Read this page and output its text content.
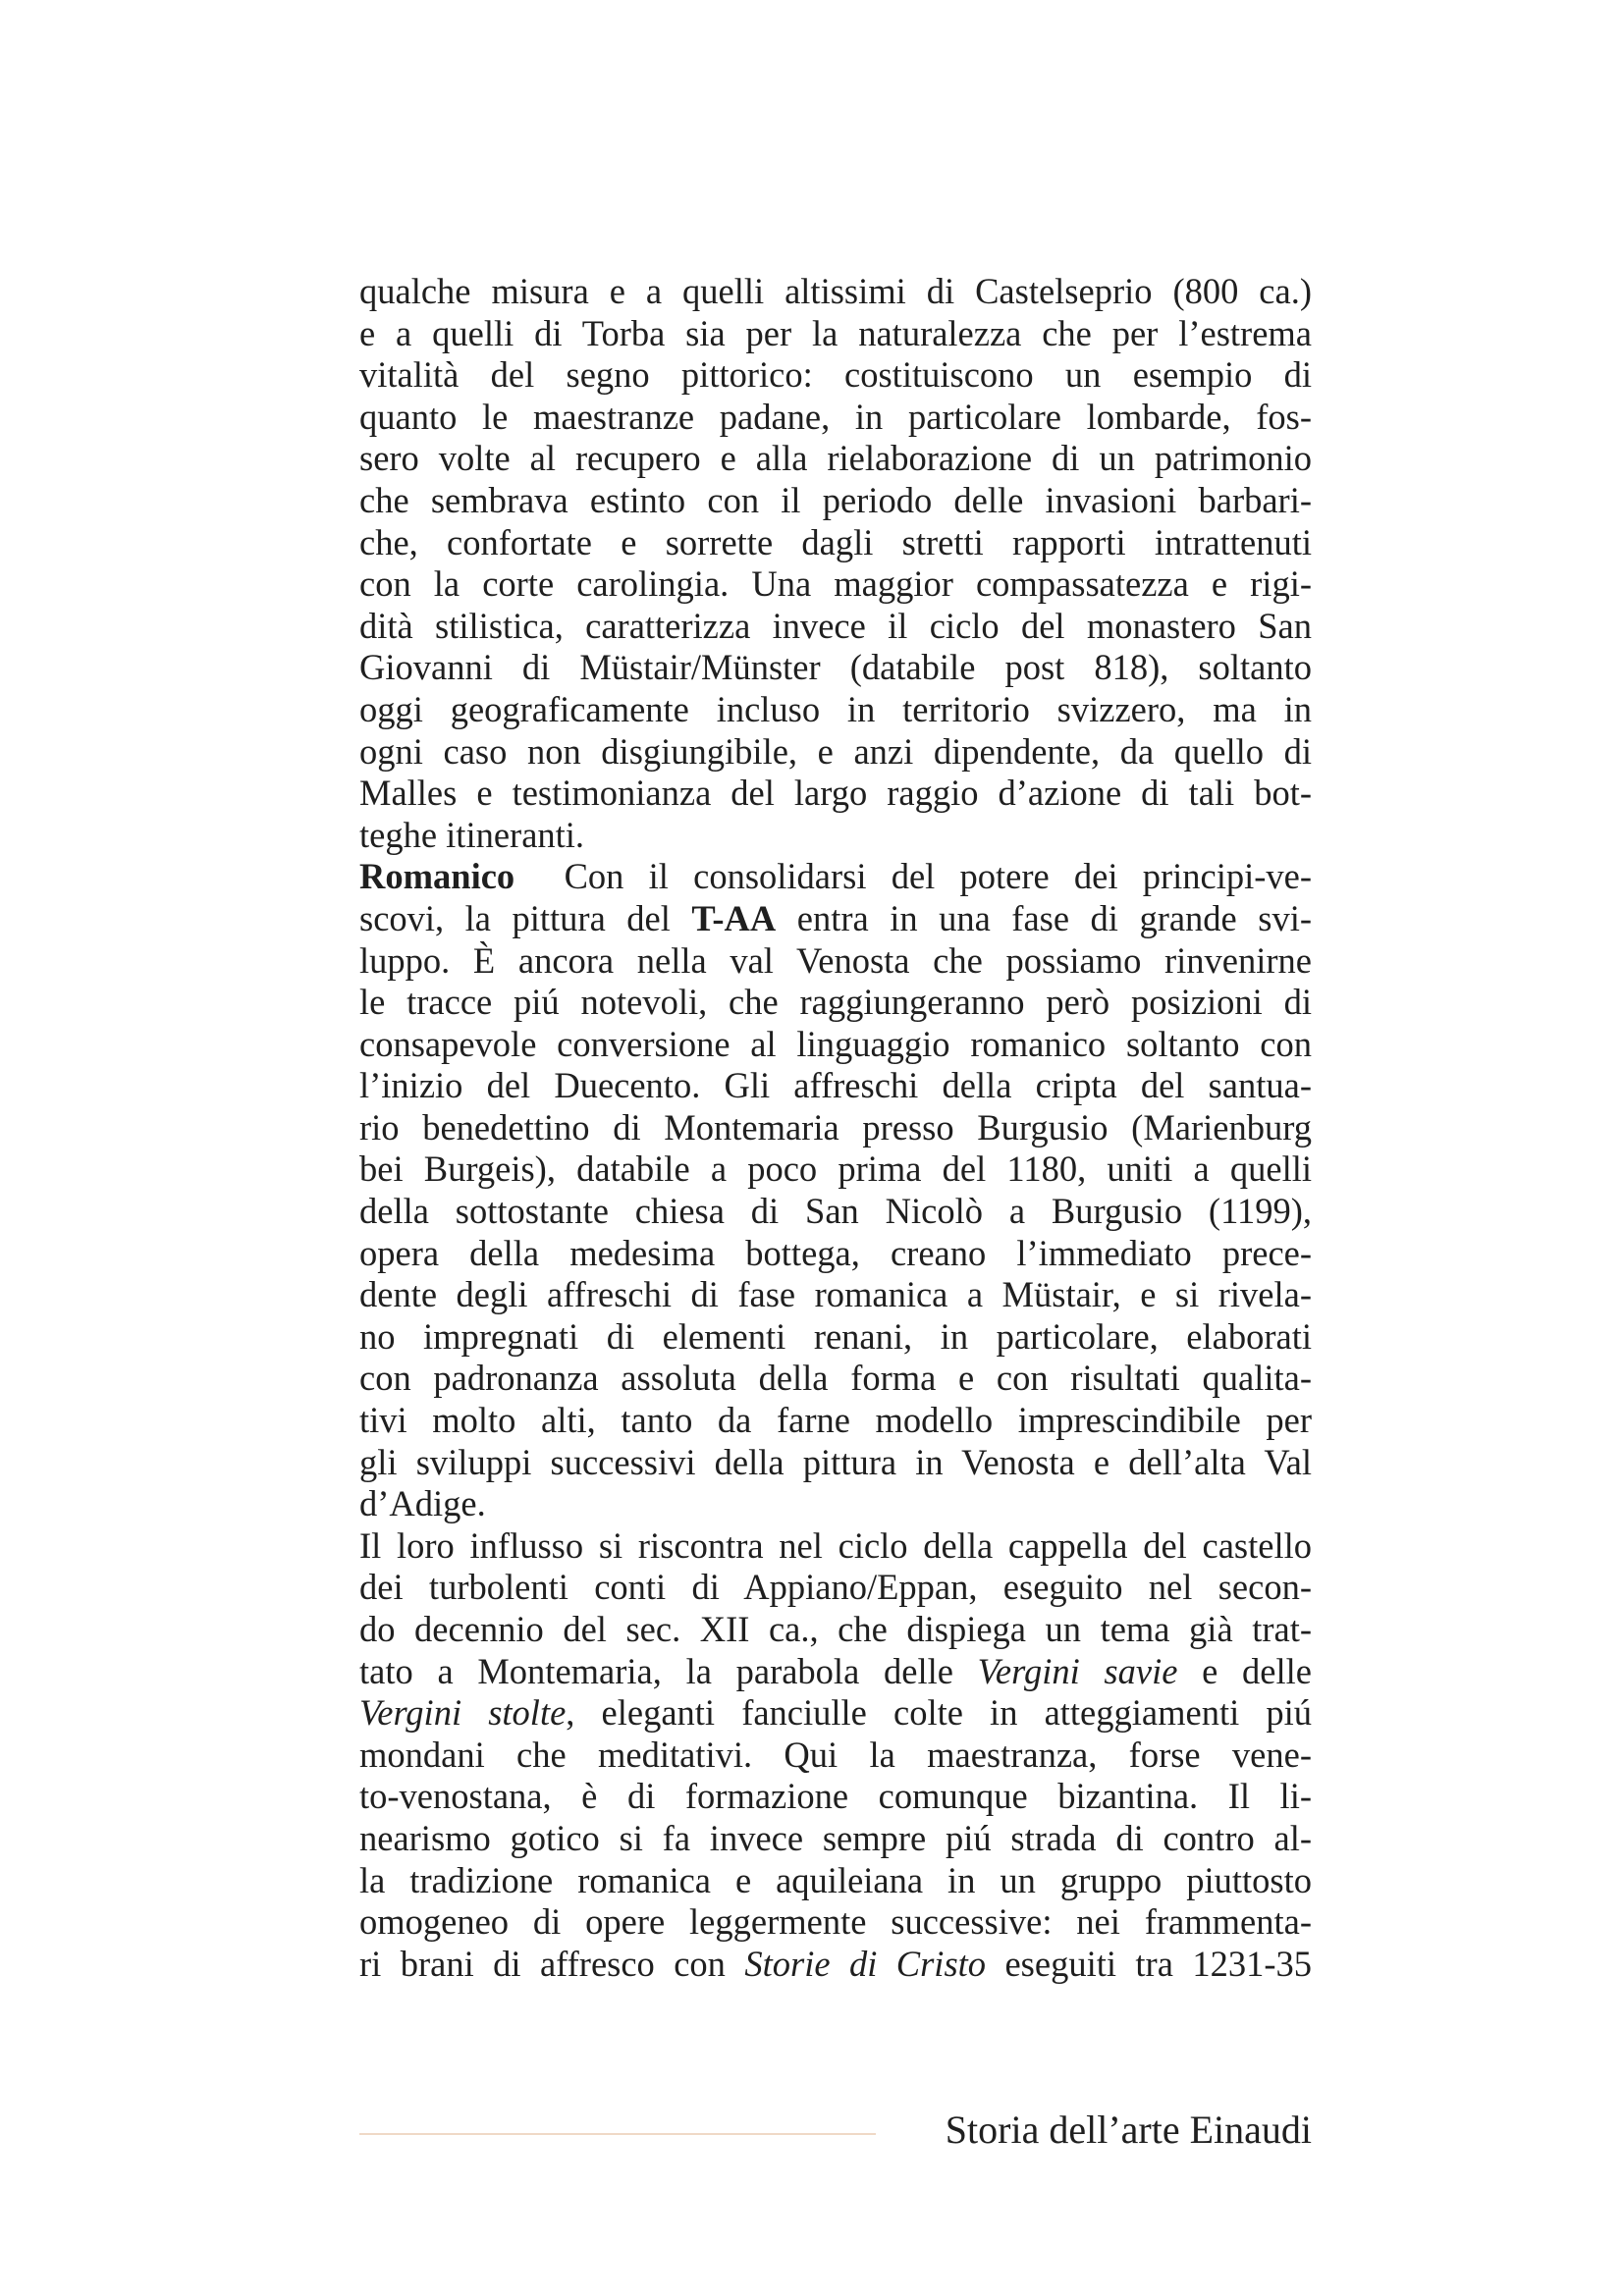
qualche misura e a quelli altissimi di Castelseprio (800 ca.)
e a quelli di Torba sia per la naturalezza che per l’estrema
vitalità del segno pittorico: costituiscono un esempio di
quanto le maestranze padane, in particolare lombarde, fos-
sero volte al recupero e alla rielaborazione di un patrimonio
che sembrava estinto con il periodo delle invasioni barbari-
che, confortate e sorrette dagli stretti rapporti intrattenuti
con la corte carolingia. Una maggior compassatezza e rigi-
dità stilistica, caratterizza invece il ciclo del monastero San
Giovanni di Müstair/Münster (databile post 818), soltanto
oggi geograficamente incluso in territorio svizzero, ma in
ogni caso non disgiungibile, e anzi dipendente, da quello di
Malles e testimonianza del largo raggio d’azione di tali bot-
teghe itineranti.
Romanico Con il consolidarsi del potere dei principi-ve-
scovi, la pittura del T-AA entra in una fase di grande svi-
luppo. È ancora nella val Venosta che possiamo rinvenirne
le tracce piú notevoli, che raggiungeranno però posizioni di
consapevole conversione al linguaggio romanico soltanto con
l’inizio del Duecento. Gli affreschi della cripta del santua-
rio benedettino di Montemaria presso Burgusio (Marienburg
bei Burgeis), databile a poco prima del 1180, uniti a quelli
della sottostante chiesa di San Nicolò a Burgusio (1199),
opera della medesima bottega, creano l’immediato prece-
dente degli affreschi di fase romanica a Müstair, e si rivela-
no impregnati di elementi renani, in particolare, elaborati
con padronanza assoluta della forma e con risultati qualita-
tivi molto alti, tanto da farne modello imprescindibile per
gli sviluppi successivi della pittura in Venosta e dell’alta Val
d’Adige.
Il loro influsso si riscontra nel ciclo della cappella del castello
dei turbolenti conti di Appiano/Eppan, eseguito nel secon-
do decennio del sec. XII ca., che dispiega un tema già trat-
tato a Montemaria, la parabola delle Vergini savie e delle
Vergini stolte, eleganti fanciulle colte in atteggiamenti piú
mondani che meditativi. Qui la maestranza, forse vene-
to-venostana, è di formazione comunque bizantina. Il li-
nearismo gotico si fa invece sempre piú strada di contro al-
la tradizione romanica e aquileiana in un gruppo piuttosto
omogeneo di opere leggermente successive: nei frammenta-
ri brani di affresco con Storie di Cristo eseguiti tra 1231-35
Storia dell’arte Einaudi
